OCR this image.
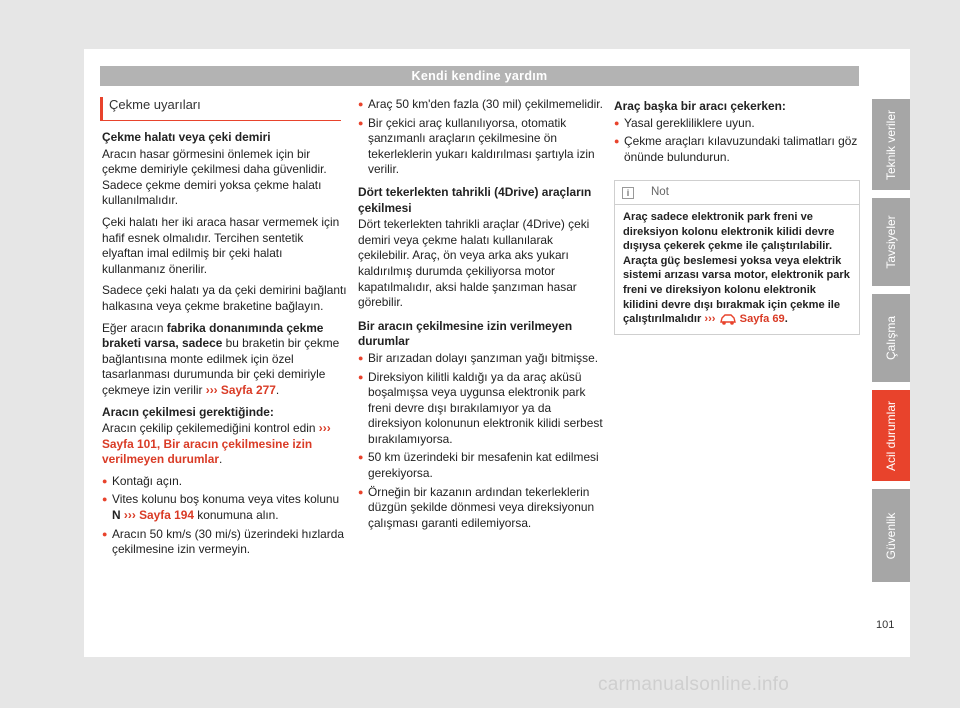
Kendi kendine yardım
Çekme uyarıları

Çekme halatı veya çeki demiri

Aracın hasar görmesini önlemek için bir çekme demiriyle çekilmesi daha güvenlidir. Sadece çekme demiri yoksa çekme halatı kullanılmalıdır.

Çeki halatı her iki araca hasar vermemek için hafif esnek olmalıdır. Tercihen sentetik elyaftan imal edilmiş bir çeki halatı kullanmanız önerilir.

Sadece çeki halatı ya da çeki demirini bağlantı halkasına veya çekme braketine bağlayın.

Eğer aracın fabrika donanımında çekme braketi varsa, sadece bu braketin bir çekme bağlantısına monte edilmek için özel tasarlanması durumunda bir çeki demiriyle çekmeye izin verilir ››› Sayfa 277.

Aracın çekilmesi gerektiğinde:

Aracın çekilip çekilemediğini kontrol edin ››› Sayfa 101, Bir aracın çekilmesine izin verilmeyen durumlar.

● Kontağı açın.
● Vites kolunu boş konuma veya vites kolunu N ››› Sayfa 194 konumuna alın.
● Aracın 50 km/s (30 mi/s) üzerindeki hızlarda çekilmesine izin vermeyin.
● Araç 50 km'den fazla (30 mil) çekilmemelidir.
● Bir çekici araç kullanılıyorsa, otomatik şanzımanlı araçların çekilmesine ön tekerleklerin yukarı kaldırılması şartıyla izin verilir.

Dört tekerlekten tahrikli (4Drive) araçların çekilmesi

Dört tekerlekten tahrikli araçlar (4Drive) çeki demiri veya çekme halatı kullanılarak çekilebilir. Araç, ön veya arka aks yukarı kaldırılmış durumda çekiliyorsa motor kapatılmalıdır, aksi halde şanzıman hasar görebilir.

Bir aracın çekilmesine izin verilmeyen durumlar

● Bir arızadan dolayı şanzıman yağı bitmişse.
● Direksiyon kilitli kaldığı ya da araç aküsü boşalmışsa veya uygunsa elektronik park freni devre dışı bırakılamıyor ya da direksiyon kolonunun elektronik kilidi serbest bırakılamıyorsa.
● 50 km üzerindeki bir mesafenin kat edilmesi gerekiyorsa.
● Örneğin bir kazanın ardından tekerleklerin düzgün şekilde dönmesi veya direksiyonun çalışması garanti edilemiyorsa.

Araç başka bir aracı çekerken:

● Yasal gerekliliklere uyun.
● Çekme araçları kılavuzundaki talimatları göz önünde bulundurun.
i	Not
Araç sadece elektronik park freni ve direksiyon kolonu elektronik kilidi devre dışıysa çekerek çekme ile çalıştırılabilir. Araçta güç beslemesi yoksa veya elektrik sistemi arızası varsa motor, elektronik park freni ve direksiyon kolonu elektronik kilidini devre dışı bırakmak için çekme ile çalıştırılmalıdır ››› Sayfa 69.
Teknik veriler
Tavsiyeler
Çalışma
Acil durumlar
Güvenlik
101
carmanualsonline.info
